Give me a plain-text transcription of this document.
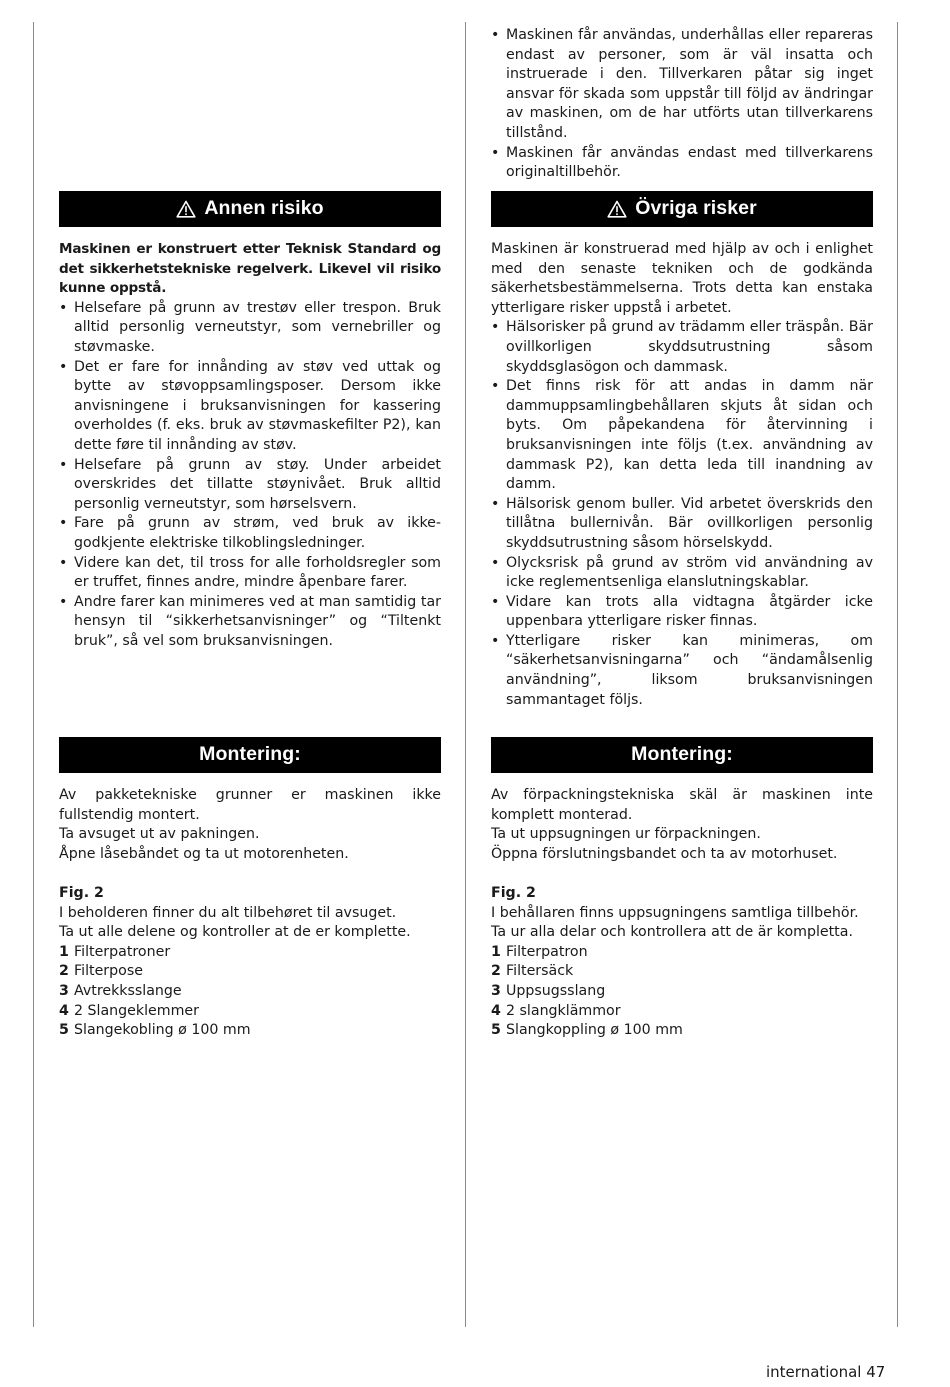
• Maskinen får användas, underhållas eller repareras endast av personer, som är väl insatta och instruerade i den. Tillverkaren påtar sig inget ansvar för skada som uppstår till följd av ändringar av maskinen, om de har utförts utan tillverkarens tillstånd.
• Maskinen får användas endast med tillverkarens originaltillbehör.
Annen risiko

Maskinen er konstruert etter Teknisk Standard og det sikkerhetstekniske regelverk. Likevel vil risiko kunne oppstå.

• Helsefare på grunn av trestøv eller trespon. Bruk alltid personlig verneutstyr, som vernebriller og støvmaske.
• Det er fare for innånding av støv ved uttak og bytte av støvoppsamlingsposer. Dersom ikke anvisningene i bruksanvisningen for kassering overholdes (f. eks. bruk av støvmaskefilter P2), kan dette føre til innånding av støv.
• Helsefare på grunn av støy. Under arbeidet overskrides det tillatte støynivået. Bruk alltid personlig verneutstyr, som hørselsvern.
• Fare på grunn av strøm, ved bruk av ikke-godkjente elektriske tilkoblingsledninger.
• Videre kan det, til tross for alle forholdsregler som er truffet, finnes andre, mindre åpenbare farer.
• Andre farer kan minimeres ved at man samtidig tar hensyn til “sikkerhetsanvisninger” og “Tiltenkt bruk”, så vel som bruksanvisningen.
Övriga risker

Maskinen är konstruerad med hjälp av och i enlighet med den senaste tekniken och de godkända säkerhetsbestämmelserna. Trots detta kan enstaka ytterligare risker uppstå i arbetet.

• Hälsorisker på grund av trädamm eller träspån. Bär ovillkorligen skyddsutrustning såsom skyddsglasögon och dammask.
• Det finns risk för att andas in damm när dammuppsamlingbehållaren skjuts åt sidan och byts. Om påpekandena för återvinning i bruksanvisningen inte följs (t.ex. användning av dammask P2), kan detta leda till inandning av damm.
• Hälsorisk genom buller. Vid arbetet överskrids den tillåtna bullernivån. Bär ovillkorligen personlig skyddsutrustning såsom hörselskydd.
• Olycksrisk på grund av ström vid användning av icke reglementsenliga elanslutningskablar.
• Vidare kan trots alla vidtagna åtgärder icke uppenbara ytterligare risker finnas.
• Ytterligare risker kan minimeras, om “säkerhetsanvisningarna” och “ändamålsenlig användning”, liksom bruksanvisningen sammantaget följs.
Montering:

Av pakketekniske grunner er maskinen ikke fullstendig montert.

Ta avsuget ut av pakningen.

Åpne låsebåndet og ta ut motorenheten.

Fig. 2

I beholderen finner du alt tilbehøret til avsuget.

Ta ut alle delene og kontroller at de er komplette.

1 Filterpatroner

2 Filterpose

3 Avtrekksslange

4 2 Slangeklemmer

5 Slangekobling ø 100 mm

Montering:

Av förpackningstekniska skäl är maskinen inte komplett monterad.

Ta ut uppsugningen ur förpackningen.

Öppna förslutningsbandet och ta av motorhuset.

Fig. 2

I behållaren finns uppsugningens samtliga tillbehör.

Ta ur alla delar och kontrollera att de är kompletta.

1 Filterpatron

2 Filtersäck

3 Uppsugsslang

4 2 slangklämmor

5 Slangkoppling ø 100 mm

international 47
